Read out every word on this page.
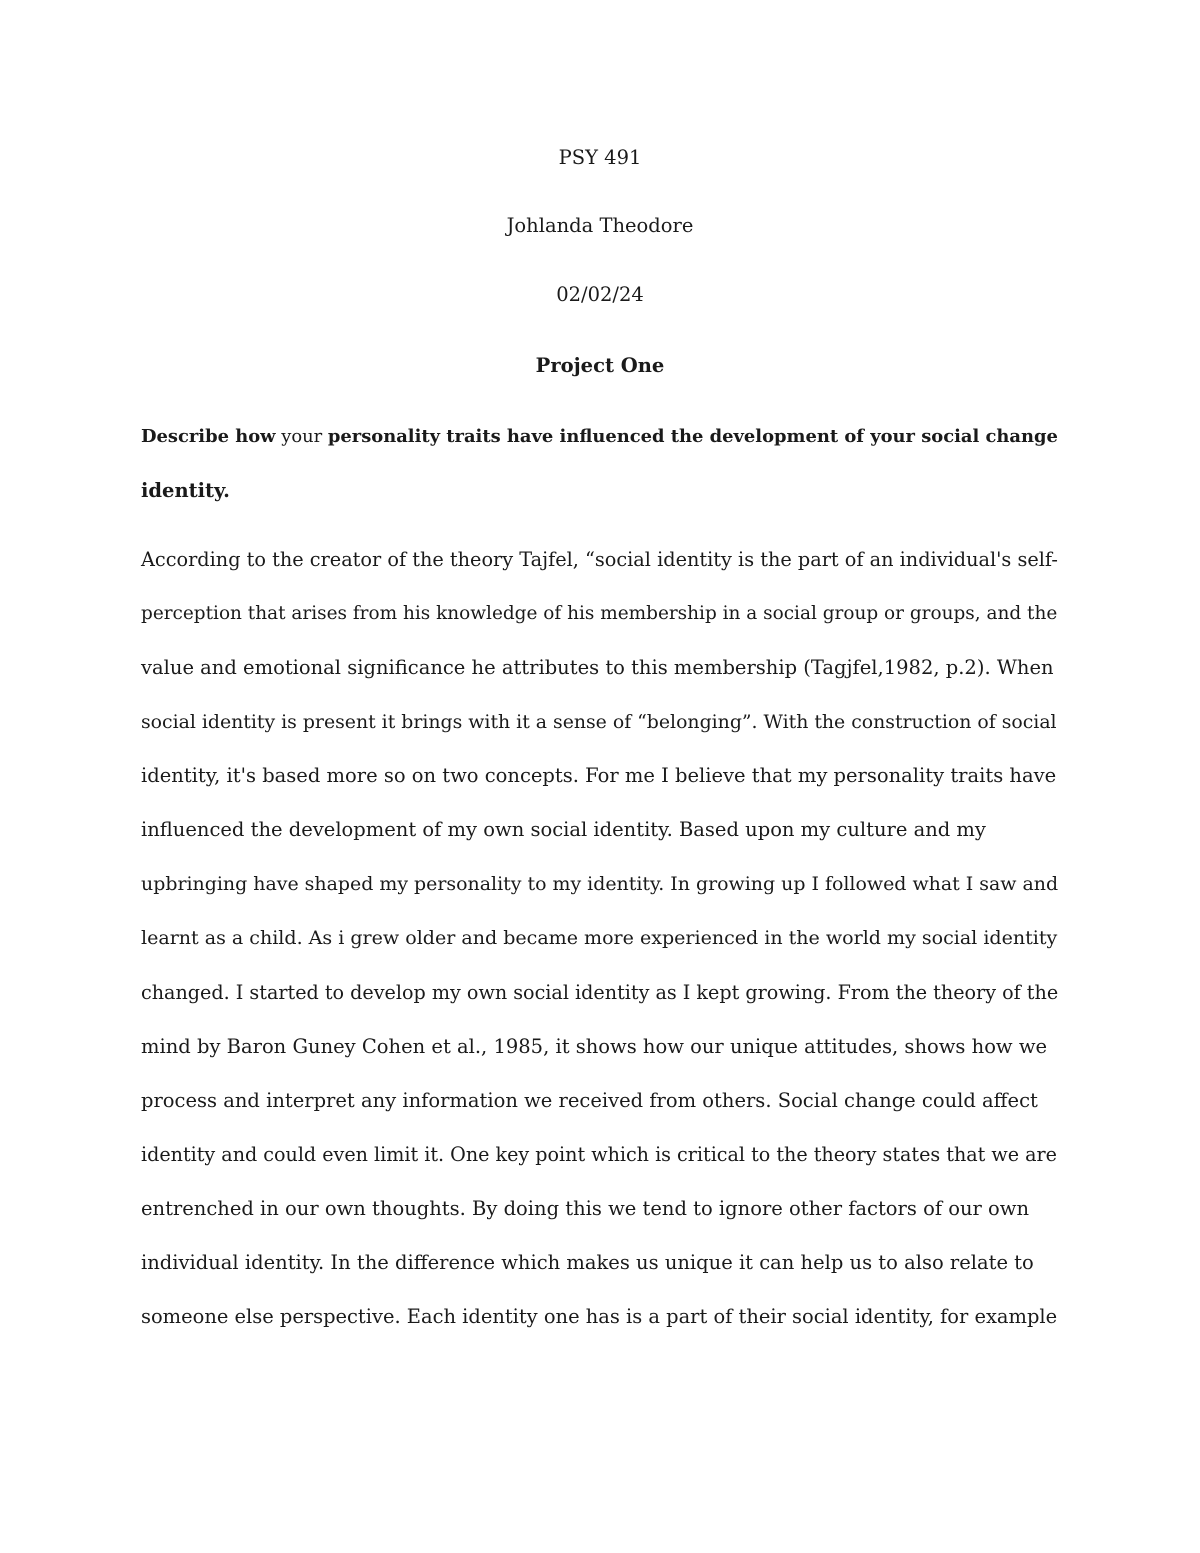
PSY 491
Johlanda Theodore
02/02/24
Project One
Describe how your personality traits have influenced the development of your social change
identity.
According to the creator of the theory Tajfel, “social identity is the part of an individual's self-
perception that arises from his knowledge of his membership in a social group or groups, and the
value and emotional significance he attributes to this membership (Tagjfel,1982, p.2). When
social identity is present it brings with it a sense of “belonging”. With the construction of social
identity, it's based more so on two concepts. For me I believe that my personality traits have
influenced the development of my own social identity. Based upon my culture and my
upbringing have shaped my personality to my identity. In growing up I followed what I saw and
learnt as a child. As i grew older and became more experienced in the world my social identity
changed. I started to develop my own social identity as I kept growing. From the theory of the
mind by Baron Guney Cohen et al., 1985, it shows how our unique attitudes, shows how we
process and interpret any information we received from others. Social change could affect
identity and could even limit it. One key point which is critical to the theory states that we are
entrenched in our own thoughts. By doing this we tend to ignore other factors of our own
individual identity. In the difference which makes us unique it can help us to also relate to
someone else perspective. Each identity one has is a part of their social identity, for example
